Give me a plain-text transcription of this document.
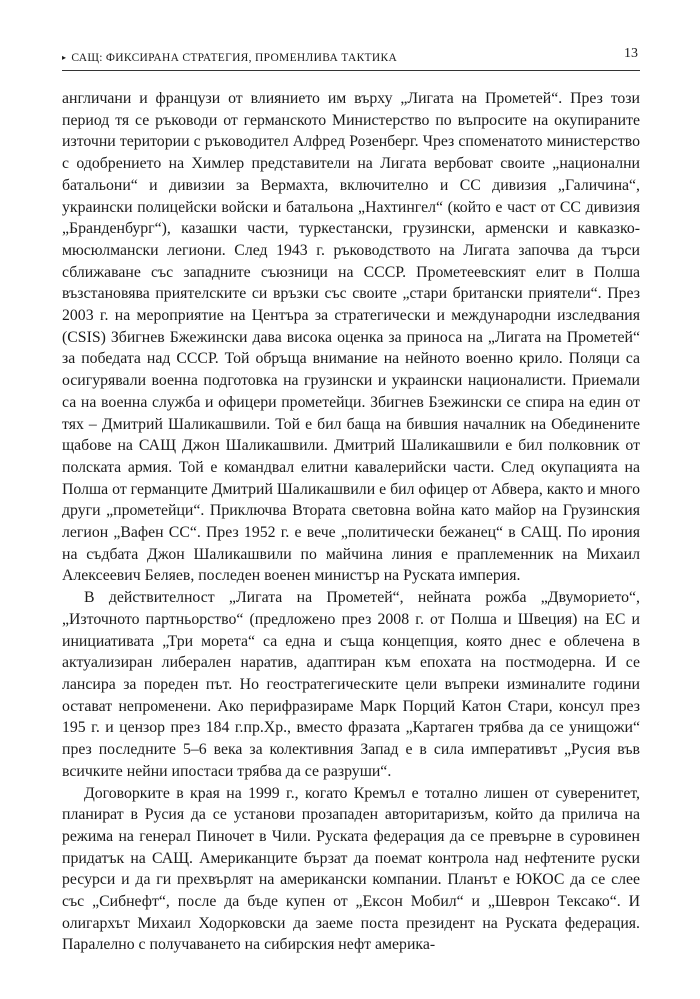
▸ САЩ: ФИКСИРАНА СТРАТЕГИЯ, ПРОМЕНЛИВА ТАКТИКА	13

англичани и французи от влиянието им върху „Лигата на Прометей“. През този период тя се ръководи от германското Министерство по въпросите на окупираните източни територии с ръководител Алфред Розенберг. Чрез споменатото министерство с одобрението на Химлер представители на Лигата вербоват своите „национални батальони“ и дивизии за Вермахта, включително и СС дивизия „Галичина“, украински полицейски войски и батальона „Нахтингел“ (който е част от СС дивизия „Бранденбург“), казашки части, туркестански, грузински, арменски и кавказко-мюсюлмански легиони. След 1943 г. ръководството на Лигата започва да търси сближаване със западните съюзници на СССР. Прометеевският елит в Полша възстановява приятелските си връзки със своите „стари британски приятели“. През 2003 г. на мероприятие на Центъра за стратегически и международни изследвания (CSIS) Збигнев Бжежински дава висока оценка за приноса на „Лигата на Прометей“ за победата над СССР. Той обръща внимание на нейното военно крило. Поляци са осигурявали военна подготовка на грузински и украински националисти. Приемали са на военна служба и офицери прометейци. Збигнев Бзежински се спира на един от тях – Дмитрий Шаликашвили. Той е бил баща на бившия началник на Обединените щабове на САЩ Джон Шаликашвили. Дмитрий Шаликашвили е бил полковник от полската армия. Той е командвал елитни кавалерийски части. След окупацията на Полша от германците Дмитрий Шаликашвили е бил офицер от Абвера, както и много други „прометейци“. Приключва Втората световна война като майор на Грузинския легион „Вафен СС“. През 1952 г. е вече „политически бежанец“ в САЩ. По ирония на съдбата Джон Шаликашвили по майчина линия е праплеменник на Михаил Алексеевич Беляев, последен военен министър на Руската империя.

В действителност „Лигата на Прометей“, нейната рожба „Двуморието“, „Източното партньорство“ (предложено през 2008 г. от Полша и Швеция) на ЕС и инициативата „Три морета“ са една и съща концепция, която днес е облечена в актуализиран либерален наратив, адаптиран към епохата на постмодерна. И се лансира за пореден път. Но геостратегическите цели въпреки изминалите години остават непроменени. Ако перифразираме Марк Порций Катон Стари, консул през 195 г. и цензор през 184 г.пр.Хр., вместо фразата „Картаген трябва да се унищожи“ през последните 5–6 века за колективния Запад е в сила императивът „Русия във всичките нейни ипостаси трябва да се разруши“.

Договорките в края на 1999 г., когато Кремъл е тотално лишен от суверенитет, планират в Русия да се установи прозападен авторитаризъм, който да прилича на режима на генерал Пиночет в Чили. Руската федерация да се превърне в суровинен придатък на САЩ. Американците бързат да поемат контрола над нефтените руски ресурси и да ги прехвърлят на американски компании. Планът е ЮКОС да се слее със „Сибнефт“, после да бъде купен от „Ексон Мобил“ и „Шеврон Тексако“. И олигархът Михаил Ходорковски да заеме поста президент на Руската федерация. Паралелно с получаването на сибирския нефт америка-
